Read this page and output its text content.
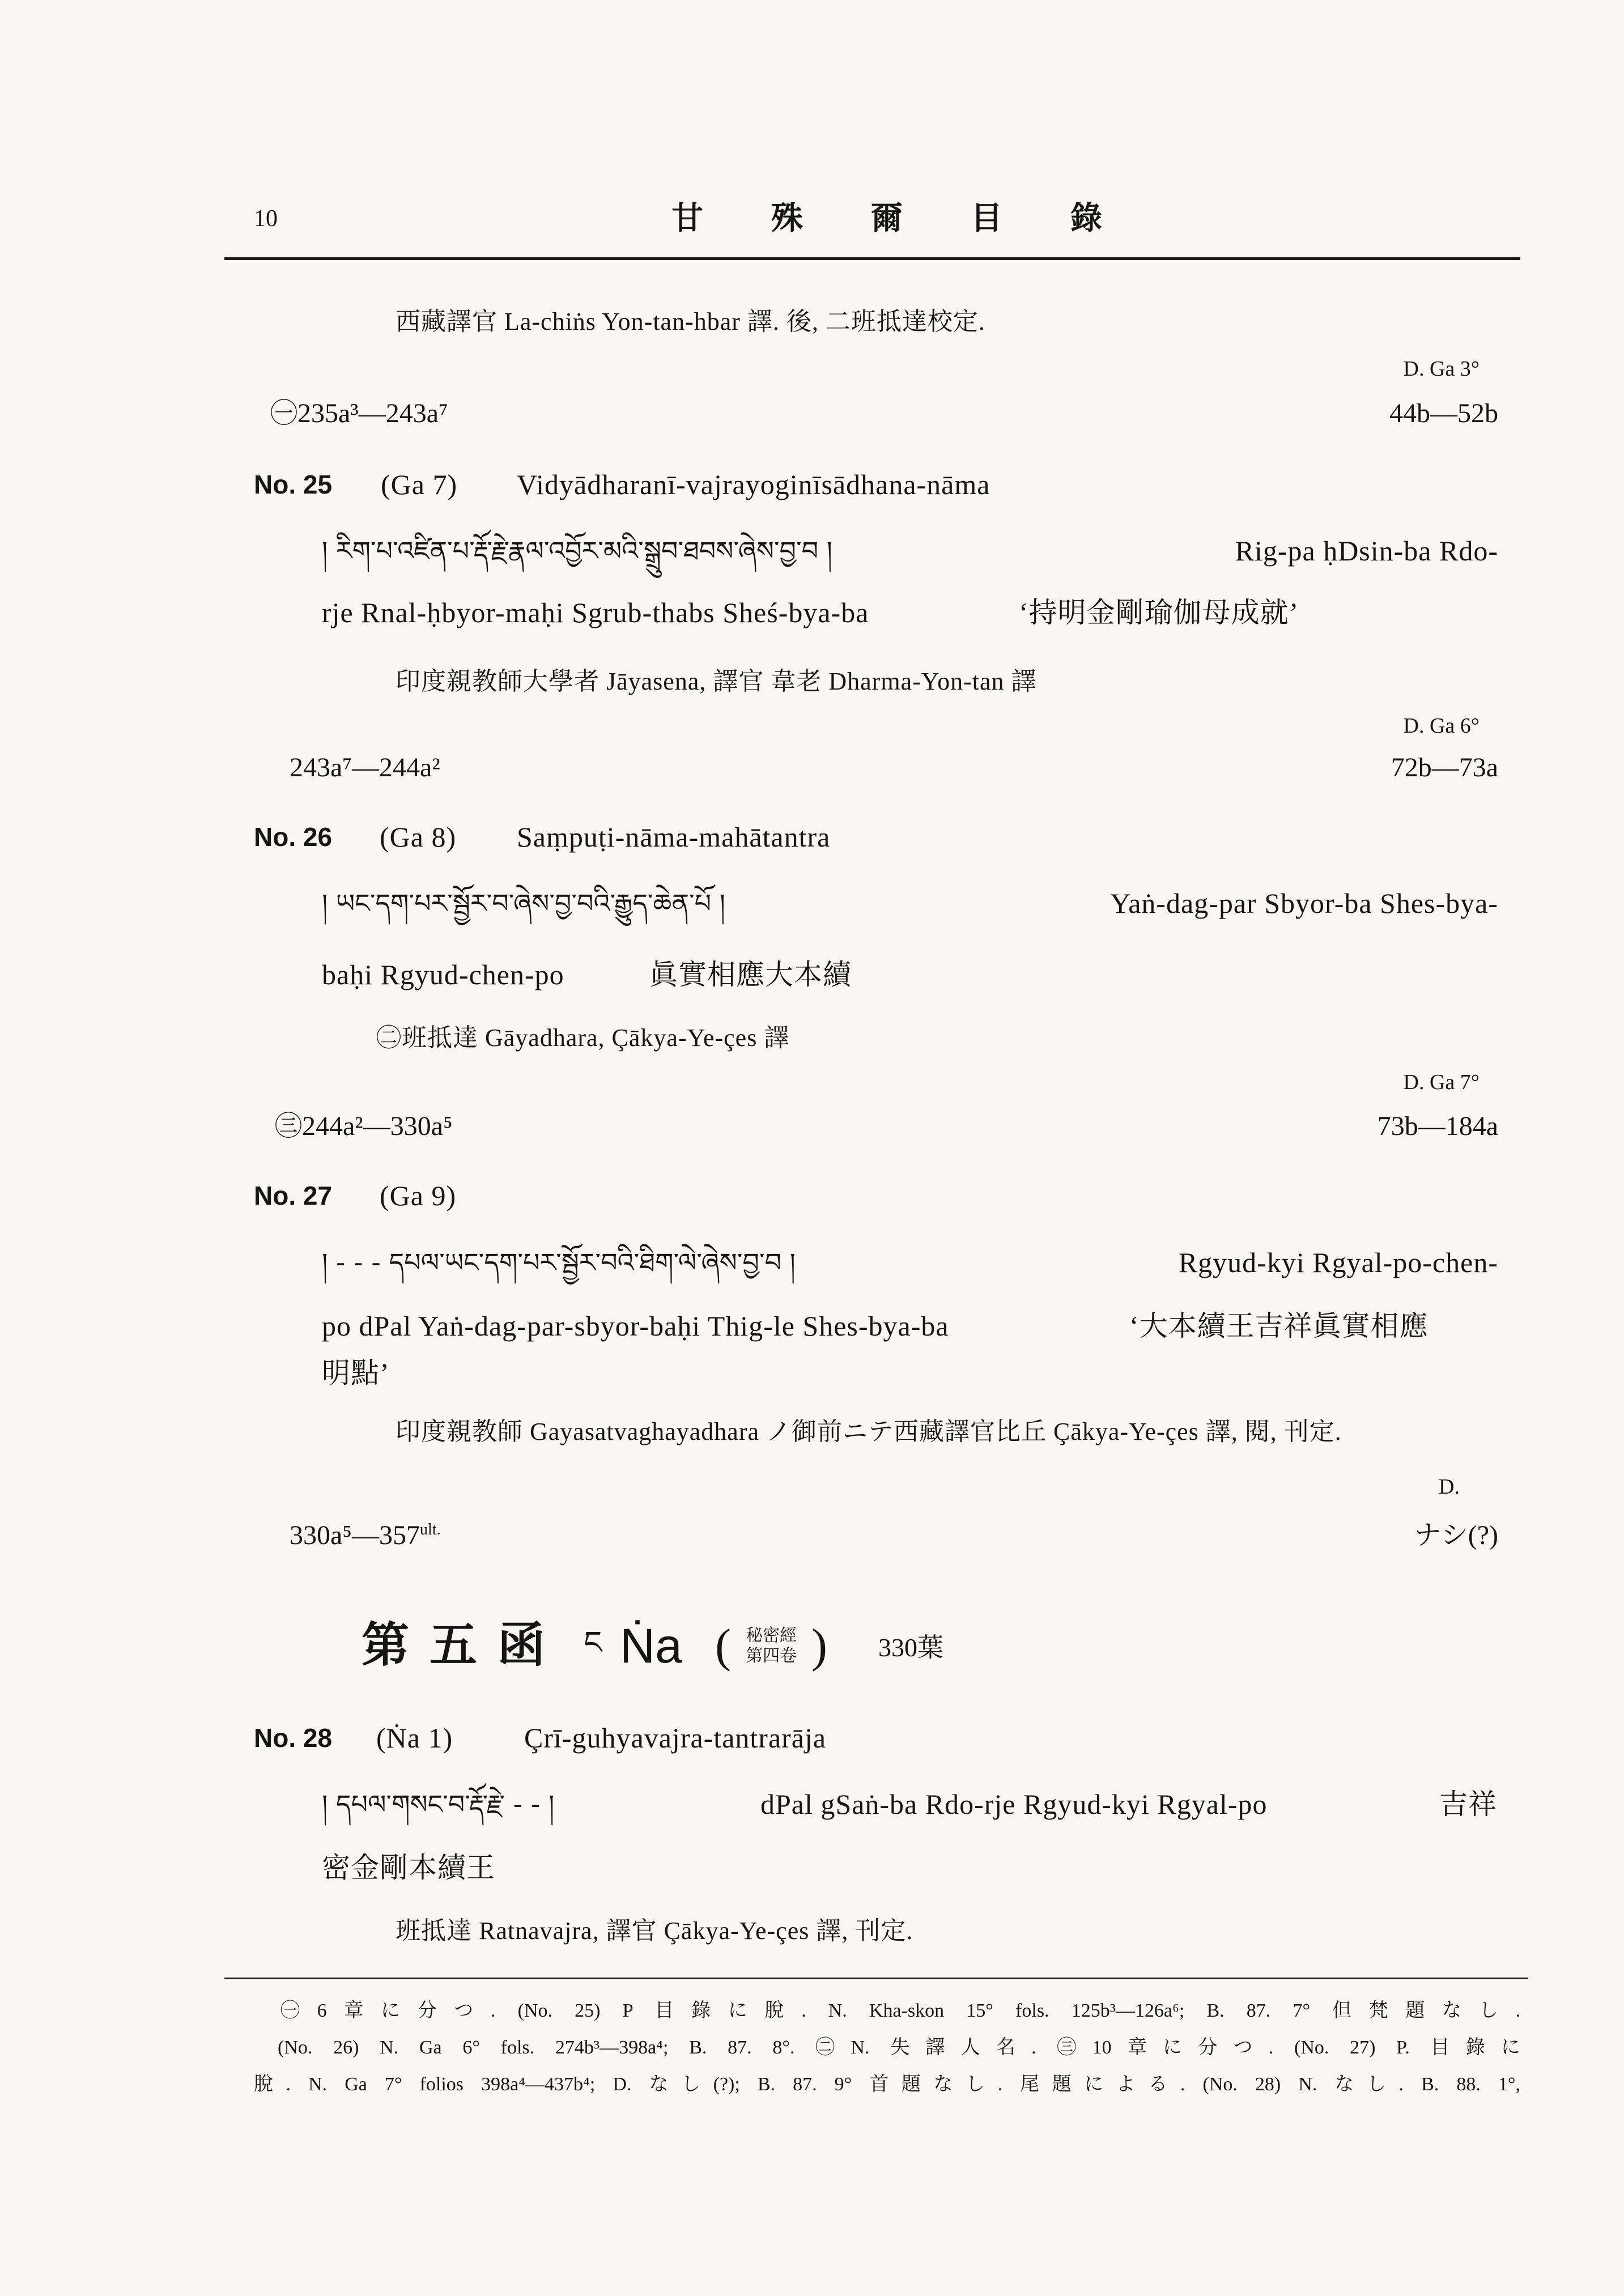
10	甘殊爾目錄
西藏譯官 La-chiṅs Yon-tan-hbar 譯. 後, 二班抵達校定.
D. Ga 3°
㊀235a³—243a⁷	44b—52b
No. 25 (Ga 7) Vidyādharanī-vajrayoginīsādhana-nāma
། རིག་པ་འཛིན་པ་རྡོ་རྗེ་རྣལ་འབྱོར་མའི་སྒྲུབ་ཐབས་ཞེས་བྱ་བ །	Rig-pa ḥDsin-ba Rdo-
rje Rnal-ḥbyor-maḥi Sgrub-thabs Sheś-bya-ba	‘持明金剛瑜伽母成就’
印度親教師大學者 Jāyasena, 譯官 韋老 Dharma-Yon-tan 譯
D. Ga 6°
243a⁷—244a²	72b—73a
No. 26 (Ga 8) Saṃpuṭi-nāma-mahātantra
། ཡང་དག་པར་སྦྱོར་བ་ཞེས་བྱ་བའི་རྒྱུད་ཆེན་པོ །	Yaṅ-dag-par Sbyor-ba Shes-bya-
baḥi Rgyud-chen-po	眞實相應大本續
㊁班抵達 Gāyadhara, Çākya-Ye-çes 譯
D. Ga 7°
㊂244a²—330a⁵	73b—184a
No. 27 (Ga 9)
། - - - དཔལ་ཡང་དག་པར་སྦྱོར་བའི་ཐིག་ལེ་ཞེས་བྱ་བ །	Rgyud-kyi Rgyal-po-chen-
po dPal Yaṅ-dag-par-sbyor-baḥi Thig-le Shes-bya-ba	‘大本續王吉祥眞實相應
明點’
印度親教師 Gayasatvaghayadhara ノ御前ニテ西藏譯官比丘 Çākya-Ye-çes 譯, 閱, 刊定.
D.
$330a^5—357^{ult.}$	ナシ(?)
第五函 ང Ṅa ( 秘密經
第四卷 ) 330葉
No. 28 (Ṅa 1)	Çrī-guhyavajra-tantrarāja
། དཔལ་གསང་བ་རྡོ་རྗེ་ - - །	dPal gSaṅ-ba Rdo-rje Rgyud-kyi Rgyal-po	吉祥
密金剛本續王
班抵達 Ratnavajra, 譯官 Çākya-Ye-çes 譯, 刊定.
㊀6章に分つ. (No. 25) P 目錄に脫. N. Kha-skon 15° fols. 125b³—126a⁶; B. 87. 7° 但梵題なし.
(No. 26) N. Ga 6° fols. 274b³—398a⁴; B. 87. 8°. ㊁N. 失譯人名. ㊂10章に分つ. (No. 27) P. 目錄に
脫. N. Ga 7° folios 398a⁴—437b⁴; D. なし(?); B. 87. 9° 首題なし. 尾題による. (No. 28) N. なし. B. 88. 1°,
